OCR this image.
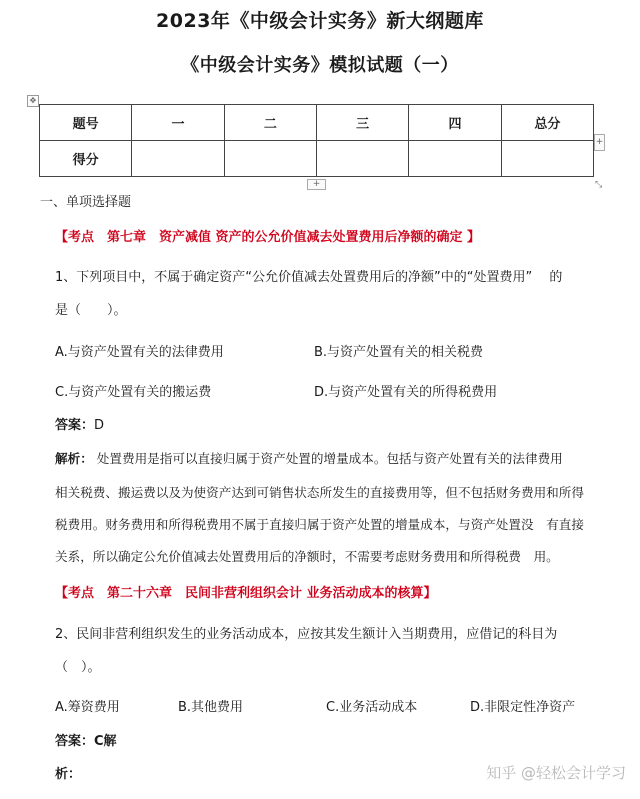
2023年《中级会计实务》新大纲题库
《中级会计实务》模拟试题（一）
✥
题号	一	二	三	四	总分
得分					
+
+	⤡
一、单项选择题
【考点　第七章　资产减值 资产的公允价值减去处置费用后净额的确定 】
1、下列项目中，不属于确定资产“公允价值减去处置费用后的净额”中的“处置费用”　 的
是（　　）。
A.与资产处置有关的法律费用	B.与资产处置有关的相关税费
C.与资产处置有关的搬运费	D.与资产处置有关的所得税费用
答案：D
解析： 处置费用是指可以直接归属于资产处置的增量成本。包括与资产处置有关的法律费用
相关税费、搬运费以及为使资产达到可销售状态所发生的直接费用等，但不包括财务费用和所得
税费用。财务费用和所得税费用不属于直接归属于资产处置的增量成本，与资产处置没　有直接
关系，所以确定公允价值减去处置费用后的净额时，不需要考虑财务费用和所得税费　用。
【考点　第二十六章　民间非营利组织会计 业务活动成本的核算】
2、民间非营利组织发生的业务活动成本，应按其发生额计入当期费用，应借记的科目为
（　）。
A.筹资费用	B.其他费用	C.业务活动成本	D.非限定性净资产
答案：C解
析：	知乎 @轻松会计学习
